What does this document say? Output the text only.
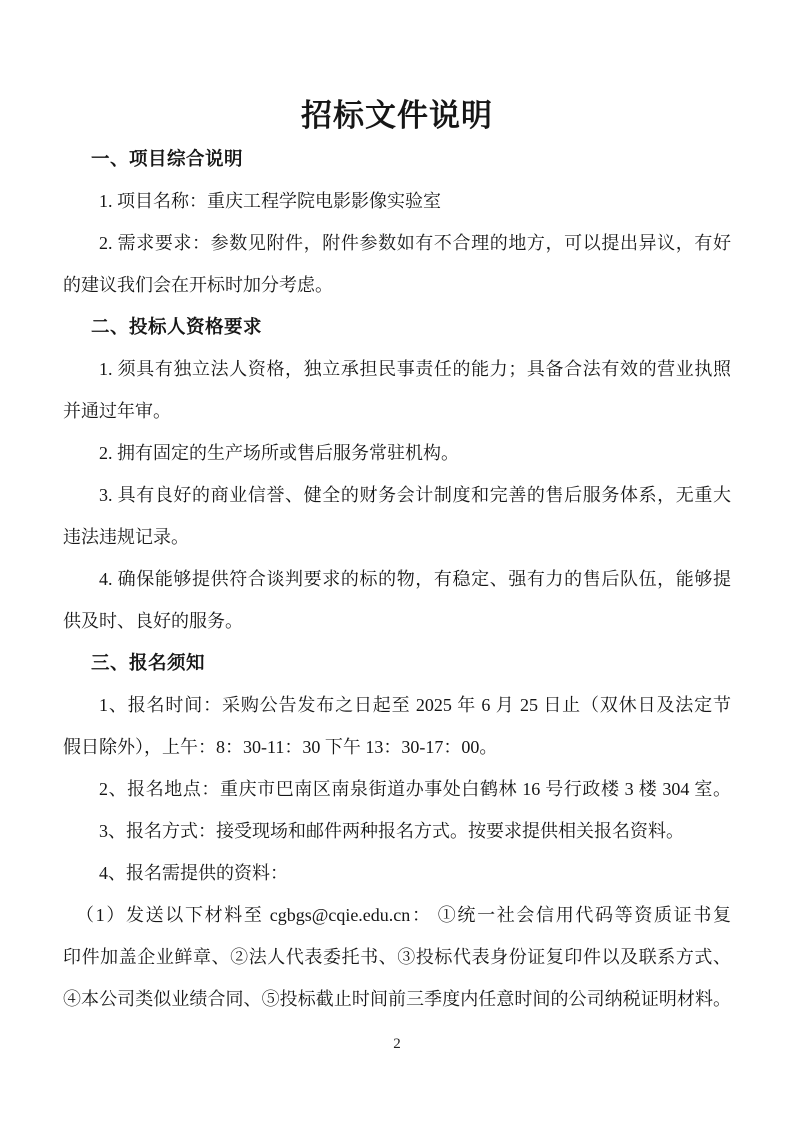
招标文件说明
一、项目综合说明
1. 项目名称：重庆工程学院电影影像实验室
2. 需求要求：参数见附件，附件参数如有不合理的地方，可以提出异议，有好
的建议我们会在开标时加分考虑。
二、投标人资格要求
1. 须具有独立法人资格，独立承担民事责任的能力；具备合法有效的营业执照
并通过年审。
2. 拥有固定的生产场所或售后服务常驻机构。
3. 具有良好的商业信誉、健全的财务会计制度和完善的售后服务体系，无重大
违法违规记录。
4. 确保能够提供符合谈判要求的标的物，有稳定、强有力的售后队伍，能够提
供及时、良好的服务。
三、报名须知
1、报名时间：采购公告发布之日起至 2025 年 6 月 25 日止（双休日及法定节
假日除外），上午：8：30-11：30 下午 13：30-17：00。
2、报名地点：重庆市巴南区南泉街道办事处白鹤林 16 号行政楼 3 楼 304 室。
3、报名方式：接受现场和邮件两种报名方式。按要求提供相关报名资料。
4、报名需提供的资料：
（1）发送以下材料至 cgbgs@cqie.edu.cn： ①统一社会信用代码等资质证书复
印件加盖企业鲜章、②法人代表委托书、③投标代表身份证复印件以及联系方式、
④本公司类似业绩合同、⑤投标截止时间前三季度内任意时间的公司纳税证明材料。
2
